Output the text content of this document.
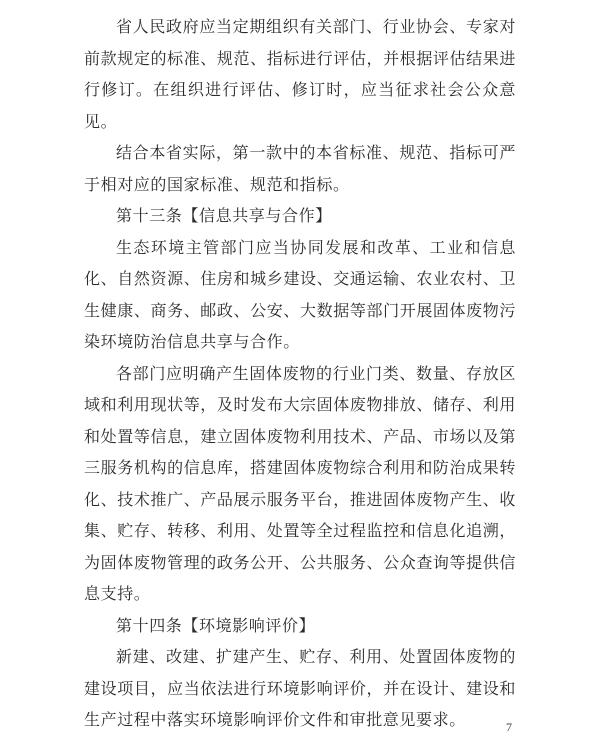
省人民政府应当定期组织有关部门、行业协会、专家对前款规定的标准、规范、指标进行评估，并根据评估结果进行修订。在组织进行评估、修订时，应当征求社会公众意见。

结合本省实际，第一款中的本省标准、规范、指标可严于相对应的国家标准、规范和指标。

第十三条【信息共享与合作】

生态环境主管部门应当协同发展和改革、工业和信息化、自然资源、住房和城乡建设、交通运输、农业农村、卫生健康、商务、邮政、公安、大数据等部门开展固体废物污染环境防治信息共享与合作。

各部门应明确产生固体废物的行业门类、数量、存放区域和利用现状等，及时发布大宗固体废物排放、储存、利用和处置等信息，建立固体废物利用技术、产品、市场以及第三服务机构的信息库，搭建固体废物综合利用和防治成果转化、技术推广、产品展示服务平台，推进固体废物产生、收集、贮存、转移、利用、处置等全过程监控和信息化追溯，为固体废物管理的政务公开、公共服务、公众查询等提供信息支持。

第十四条【环境影响评价】

新建、改建、扩建产生、贮存、利用、处置固体废物的建设项目，应当依法进行环境影响评价，并在设计、建设和生产过程中落实环境影响评价文件和审批意见要求。	7
